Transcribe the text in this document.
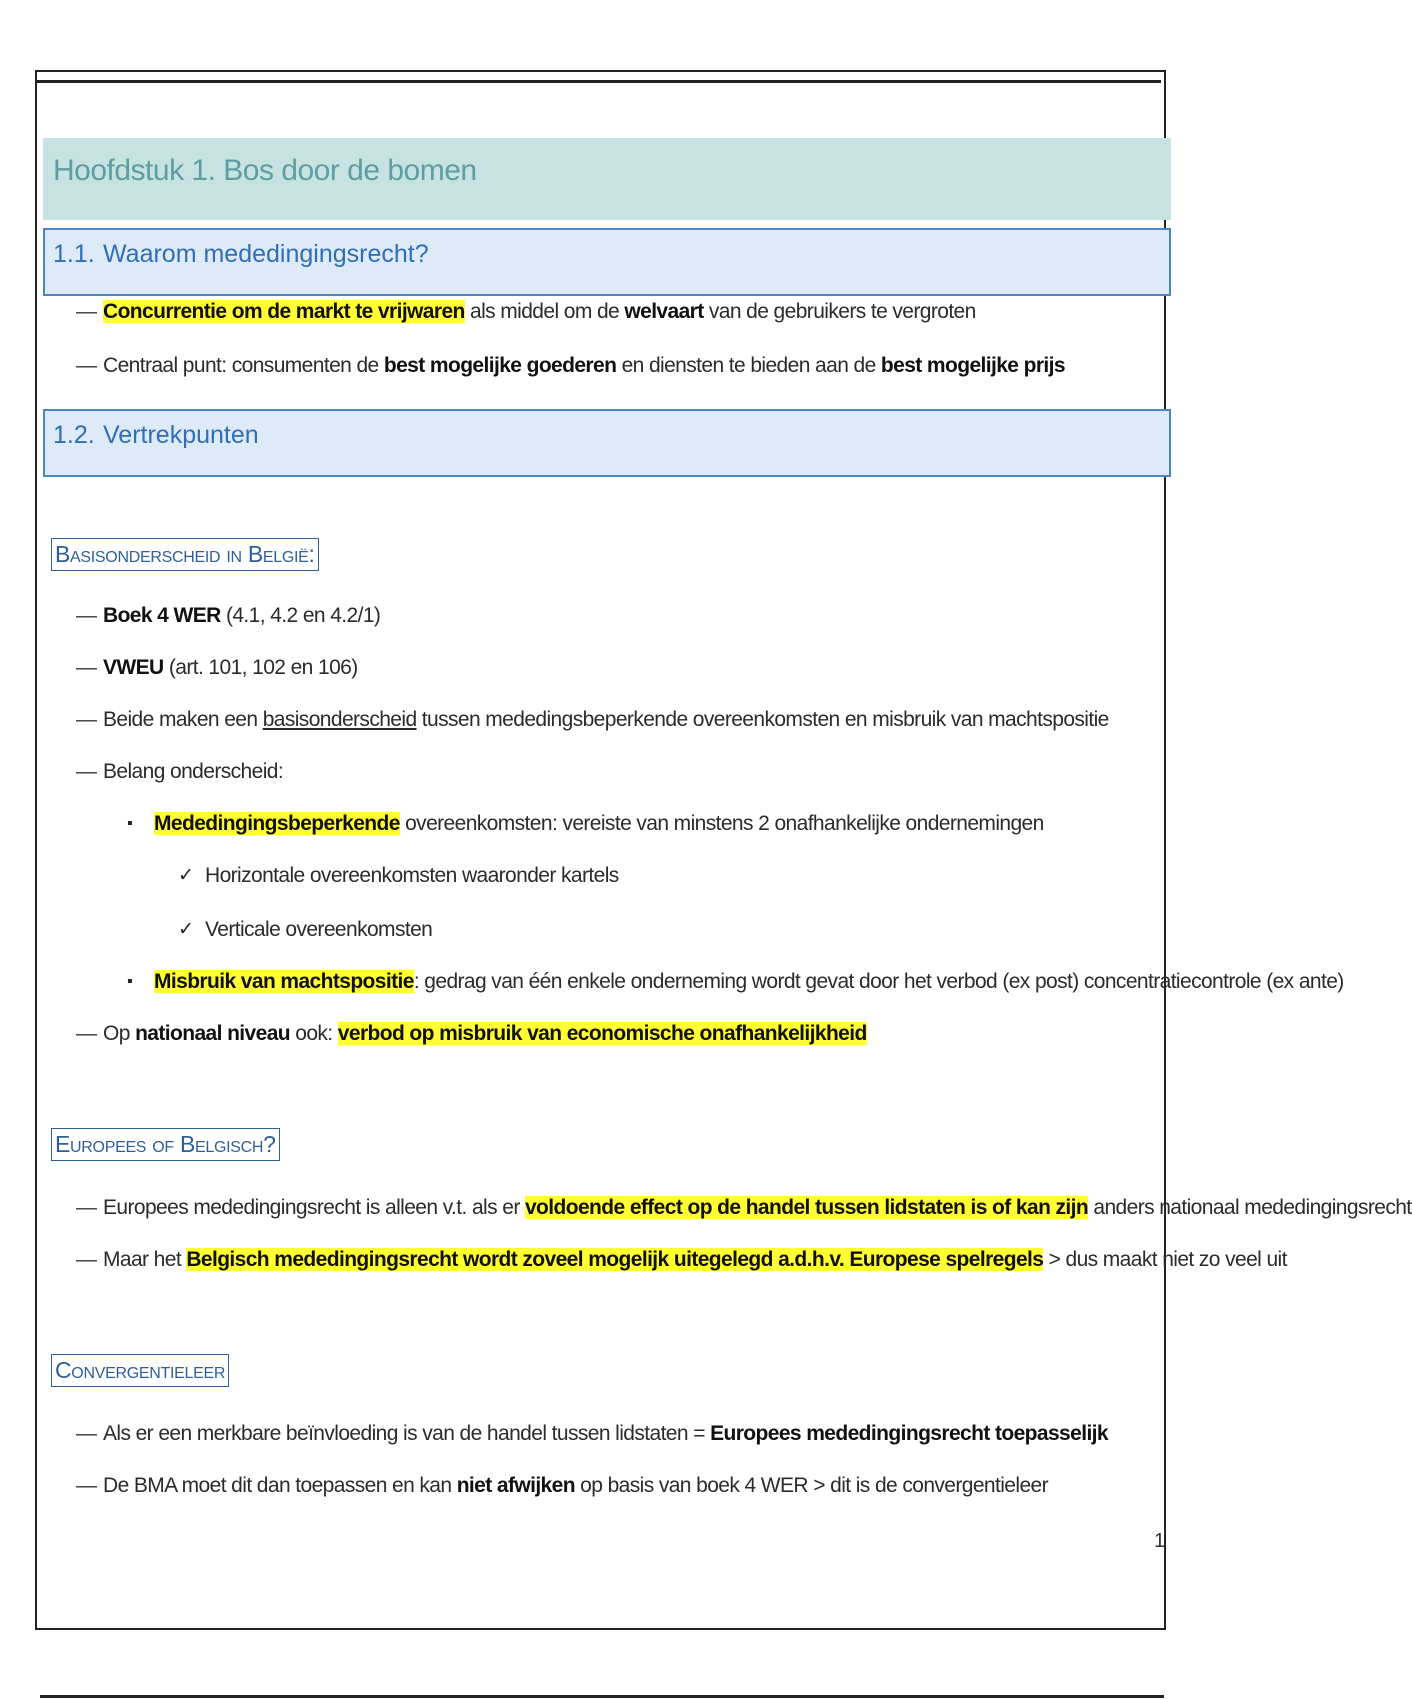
Hoofdstuk 1. Bos door de bomen
1.1. Waarom mededingingsrecht?
— Concurrentie om de markt te vrijwaren als middel om de welvaart van de gebruikers te vergroten
— Centraal punt: consumenten de best mogelijke goederen en diensten te bieden aan de best mogelijke prijs
1.2. Vertrekpunten
Basisonderscheid in België:
— Boek 4 WER (4.1, 4.2 en 4.2/1)
— VWEU (art. 101, 102 en 106)
— Beide maken een basisonderscheid tussen mededingsbeperkende overeenkomsten en misbruik van machtspositie
— Belang onderscheid:
▪ Mededingingsbeperkende overeenkomsten: vereiste van minstens 2 onafhankelijke ondernemingen
✓ Horizontale overeenkomsten waaronder kartels
✓ Verticale overeenkomsten
▪ Misbruik van machtspositie: gedrag van één enkele onderneming wordt gevat door het verbod (ex post) concentratiecontrole (ex ante)
— Op nationaal niveau ook: verbod op misbruik van economische onafhankelijkheid
Europees of Belgisch?
— Europees mededingingsrecht is alleen v.t. als er voldoende effect op de handel tussen lidstaten is of kan zijn anders nationaal mededingingsrecht
— Maar het Belgisch mededingingsrecht wordt zoveel mogelijk uitegelegd a.d.h.v. Europese spelregels > dus maakt niet zo veel uit
Convergentieleer
— Als er een merkbare beïnvloeding is van de handel tussen lidstaten = Europees mededingingsrecht toepasselijk
— De BMA moet dit dan toepassen en kan niet afwijken op basis van boek 4 WER > dit is de convergentieleer
1
